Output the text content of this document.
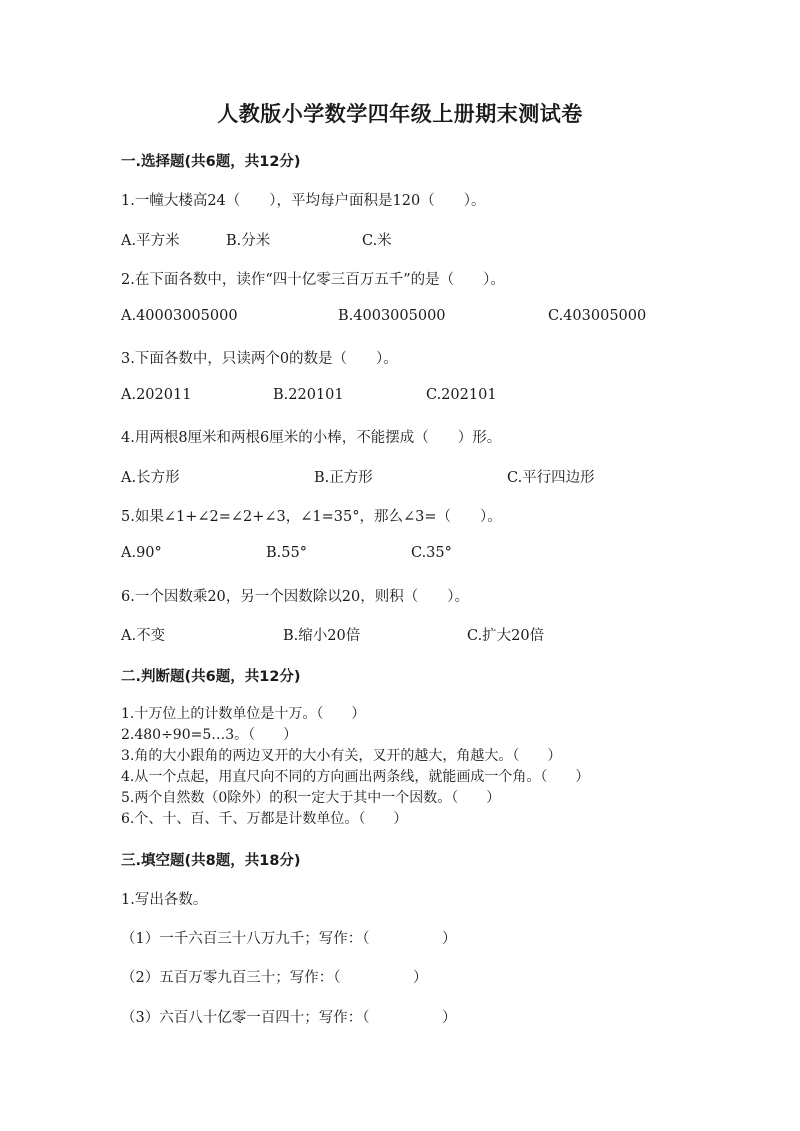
人教版小学数学四年级上册期末测试卷
一.选择题(共6题，共12分)
1.一幢大楼高24（　　），平均每户面积是120（　　）。
A.平方米	B.分米	C.米
2.在下面各数中，读作“四十亿零三百万五千”的是（　　）。
A.40003005000	B.4003005000	C.403005000
3.下面各数中，只读两个0的数是（　　）。
A.202011	B.220101	C.202101
4.用两根8厘米和两根6厘米的小棒，不能摆成（　　）形。
A.长方形	B.正方形	C.平行四边形
5.如果∠1+∠2=∠2+∠3，∠1=35°，那么∠3=（　　）。
A.90°	B.55°	C.35°
6.一个因数乘20，另一个因数除以20，则积（　　）。
A.不变	B.缩小20倍	C.扩大20倍
二.判断题(共6题，共12分)
1.十万位上的计数单位是十万。（　　）
2.480÷90=5…3。（　　）
3.角的大小跟角的两边叉开的大小有关，叉开的越大，角越大。（　　）
4.从一个点起，用直尺向不同的方向画出两条线，就能画成一个角。（　　）
5.两个自然数（0除外）的积一定大于其中一个因数。（　　）
6.个、十、百、千、万都是计数单位。（　　）
三.填空题(共8题，共18分)
1.写出各数。
（1）一千六百三十八万九千；写作：（　　　　　）
（2）五百万零九百三十；写作：（　　　　　）
（3）六百八十亿零一百四十；写作：（　　　　　）
